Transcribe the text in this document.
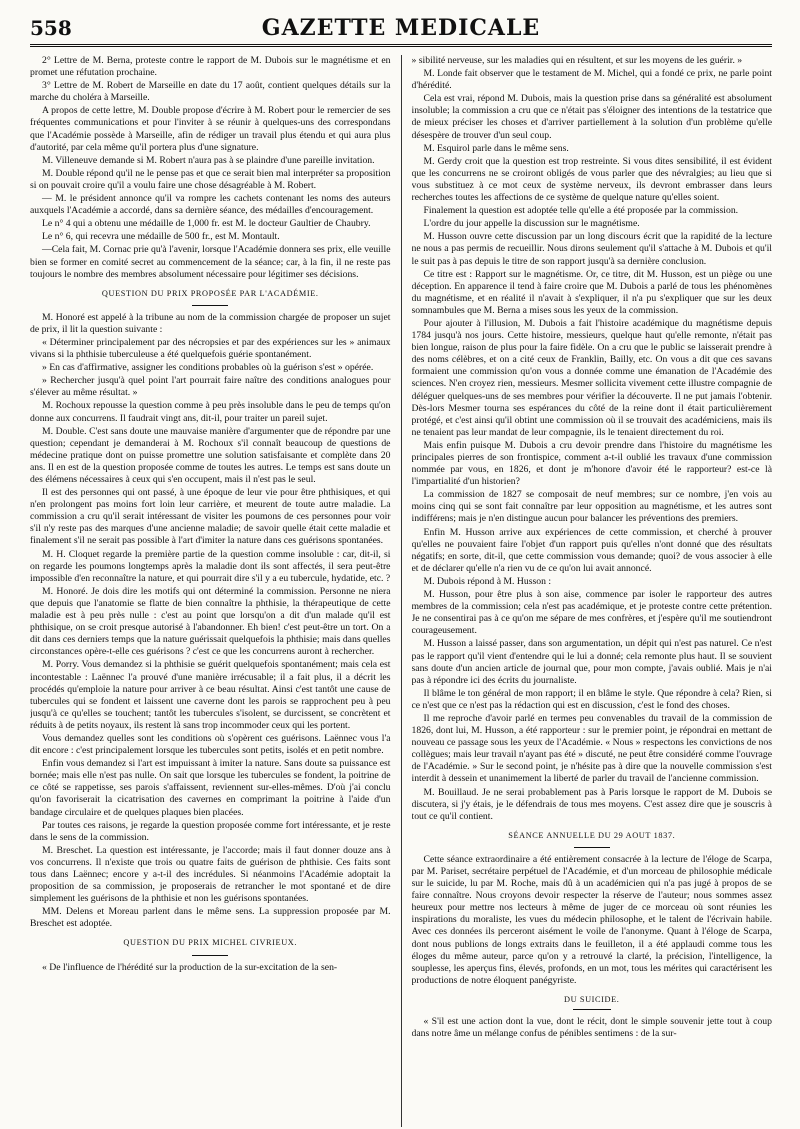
558	GAZETTE MEDICALE

2° Lettre de M. Berna, proteste contre le rapport de M. Dubois sur le magnétisme et en promet une réfutation prochaine.

3° Lettre de M. Robert de Marseille en date du 17 août, contient quelques détails sur la marche du choléra à Marseille.

A propos de cette lettre, M. Double propose d'écrire à M. Robert pour le remercier de ses fréquentes communications et pour l'inviter à se réunir à quelques-uns des correspondans que l'Académie possède à Marseille, afin de rédiger un travail plus étendu et qui aura plus d'autorité, par cela même qu'il portera plus d'une signature.

M. Villeneuve demande si M. Robert n'aura pas à se plaindre d'une pareille invitation.

M. Double répond qu'il ne le pense pas et que ce serait bien mal interpréter sa proposition si on pouvait croire qu'il a voulu faire une chose désagréable à M. Robert.

— M. le président annonce qu'il va rompre les cachets contenant les noms des auteurs auxquels l'Académie a accordé, dans sa dernière séance, des médailles d'encouragement.

Le n° 4 qui a obtenu une médaille de 1,000 fr. est M. le docteur Gaultier de Chaubry.

Le n° 6, qui recevra une médaille de 500 fr., est M. Montault.

—Cela fait, M. Cornac prie qu'à l'avenir, lorsque l'Académie donnera ses prix, elle veuille bien se former en comité secret au commencement de la séance; car, à la fin, il ne reste pas toujours le nombre des membres absolument nécessaire pour légitimer ses décisions.

QUESTION DU PRIX PROPOSÉE PAR L'ACADÉMIE.

M. Honoré est appelé à la tribune au nom de la commission chargée de proposer un sujet de prix, il lit la question suivante :

« Déterminer principalement par des nécropsies et par des expériences sur les » animaux vivans si la phthisie tuberculeuse a été quelquefois guérie spontanément.

» En cas d'affirmative, assigner les conditions probables où la guérison s'est » opérée.

» Rechercher jusqu'à quel point l'art pourrait faire naître des conditions analogues pour s'élever au même résultat. »

M. Rochoux repousse la question comme à peu près insoluble dans le peu de temps qu'on donne aux concurrens. Il faudrait vingt ans, dit-il, pour traiter un pareil sujet.

M. Double. C'est sans doute une mauvaise manière d'argumenter que de répondre par une question; cependant je demanderai à M. Rochoux s'il connaît beaucoup de questions de médecine pratique dont on puisse promettre une solution satisfaisante et complète dans 20 ans. Il en est de la question proposée comme de toutes les autres. Le temps est sans doute un des élémens nécessaires à ceux qui s'en occupent, mais il n'est pas le seul.

Il est des personnes qui ont passé, à une époque de leur vie pour être phthisiques, et qui n'en prolongent pas moins fort loin leur carrière, et meurent de toute autre maladie. La commission a cru qu'il serait intéressant de visiter les poumons de ces personnes pour voir s'il n'y reste pas des marques d'une ancienne maladie; de savoir quelle était cette maladie et finalement s'il ne serait pas possible à l'art d'imiter la nature dans ces guérisons spontanées.

M. H. Cloquet regarde la première partie de la question comme insoluble : car, dit-il, si on regarde les poumons longtemps après la maladie dont ils sont affectés, il sera peut-être impossible d'en reconnaître la nature, et qui pourrait dire s'il y a eu tubercule, hydatide, etc. ?

M. Honoré. Je dois dire les motifs qui ont déterminé la commission. Personne ne niera que depuis que l'anatomie se flatte de bien connaître la phthisie, la thérapeutique de cette maladie est à peu près nulle : c'est au point que lorsqu'on a dit d'un malade qu'il est phthisique, on se croit presque autorisé à l'abandonner. Eh bien! c'est peut-être un tort. On a dit dans ces derniers temps que la nature guérissait quelquefois la phthisie; mais dans quelles circonstances opère-t-elle ces guérisons ? c'est ce que les concurrens auront à rechercher.

M. Porry. Vous demandez si la phthisie se guérit quelquefois spontanément; mais cela est incontestable : Laënnec l'a prouvé d'une manière irrécusable; il a fait plus, il a décrit les procédés qu'emploie la nature pour arriver à ce beau résultat. Ainsi c'est tantôt une cause de tubercules qui se fondent et laissent une caverne dont les parois se rapprochent peu à peu jusqu'à ce qu'elles se touchent; tantôt les tubercules s'isolent, se durcissent, se concrètent et réduits à de petits noyaux, ils restent là sans trop incommoder ceux qui les portent.

Vous demandez quelles sont les conditions où s'opèrent ces guérisons. Laënnec vous l'a dit encore : c'est principalement lorsque les tubercules sont petits, isolés et en petit nombre.

Enfin vous demandez si l'art est impuissant à imiter la nature. Sans doute sa puissance est bornée; mais elle n'est pas nulle. On sait que lorsque les tubercules se fondent, la poitrine de ce côté se rappetisse, ses parois s'affaissent, reviennent sur-elles-mêmes. D'où j'ai conclu qu'on favoriserait la cicatrisation des cavernes en comprimant la poitrine à l'aide d'un bandage circulaire et de quelques plaques bien placées.

Par toutes ces raisons, je regarde la question proposée comme fort intéressante, et je reste dans le sens de la commission.

M. Breschet. La question est intéressante, je l'accorde; mais il faut donner douze ans à vos concurrens. Il n'existe que trois ou quatre faits de guérison de phthisie. Ces faits sont tous dans Laënnec; encore y a-t-il des incrédules. Si néanmoins l'Académie adoptait la proposition de sa commission, je proposerais de retrancher le mot spontané et de dire simplement les guérisons de la phthisie et non les guérisons spontanées.

MM. Delens et Moreau parlent dans le même sens. La suppression proposée par M. Breschet est adoptée.

QUESTION DU PRIX MICHEL CIVRIEUX.

« De l'influence de l'hérédité sur la production de la sur-excitation de la sen-

» sibilité nerveuse, sur les maladies qui en résultent, et sur les moyens de les guérir. »

M. Londe fait observer que le testament de M. Michel, qui a fondé ce prix, ne parle point d'hérédité.

Cela est vrai, répond M. Dubois, mais la question prise dans sa généralité est absolument insoluble; la commission a cru que ce n'était pas s'éloigner des intentions de la testatrice que de mieux préciser les choses et d'arriver partiellement à la solution d'un problème qu'elle désespère de trouver d'un seul coup.

M. Esquirol parle dans le même sens.

M. Gerdy croit que la question est trop restreinte. Si vous dites sensibilité, il est évident que les concurrens ne se croiront obligés de vous parler que des névralgies; au lieu que si vous substituez à ce mot ceux de système nerveux, ils devront embrasser dans leurs recherches toutes les affections de ce système de quelque nature qu'elles soient.

Finalement la question est adoptée telle qu'elle a été proposée par la commission.

L'ordre du jour appelle la discussion sur le magnétisme.

M. Husson ouvre cette discussion par un long discours écrit que la rapidité de la lecture ne nous a pas permis de recueillir. Nous dirons seulement qu'il s'attache à M. Dubois et qu'il le suit pas à pas depuis le titre de son rapport jusqu'à sa dernière conclusion.

Ce titre est : Rapport sur le magnétisme. Or, ce titre, dit M. Husson, est un piège ou une déception. En apparence il tend à faire croire que M. Dubois a parlé de tous les phénomènes du magnétisme, et en réalité il n'avait à s'expliquer, il n'a pu s'expliquer que sur les deux somnambules que M. Berna a mises sous les yeux de la commission.

Pour ajouter à l'illusion, M. Dubois a fait l'histoire académique du magnétisme depuis 1784 jusqu'à nos jours. Cette histoire, messieurs, quelque haut qu'elle remonte, n'était pas bien longue, raison de plus pour la faire fidèle. On a cru que le public se laisserait prendre à des noms célèbres, et on a cité ceux de Franklin, Bailly, etc. On vous a dit que ces savans formaient une commission qu'on vous a donnée comme une émanation de l'Académie des sciences. N'en croyez rien, messieurs. Mesmer sollicita vivement cette illustre compagnie de déléguer quelques-uns de ses membres pour vérifier la découverte. Il ne put jamais l'obtenir. Dès-lors Mesmer tourna ses espérances du côté de la reine dont il était particulièrement protégé, et c'est ainsi qu'il obtint une commission où il se trouvait des académiciens, mais ils ne tenaient pas leur mandat de leur compagnie, ils le tenaient directement du roi.

Mais enfin puisque M. Dubois a cru devoir prendre dans l'histoire du magnétisme les principales pierres de son frontispice, comment a-t-il oublié les travaux d'une commission nommée par vous, en 1826, et dont je m'honore d'avoir été le rapporteur? est-ce là l'impartialité d'un historien?

La commission de 1827 se composait de neuf membres; sur ce nombre, j'en vois au moins cinq qui se sont fait connaître par leur opposition au magnétisme, et les autres sont indifférens; mais je n'en distingue aucun pour balancer les préventions des premiers.

Enfin M. Husson arrive aux expériences de cette commission, et cherché à prouver qu'elles ne pouvaient faire l'objet d'un rapport puis qu'elles n'ont donné que des résultats négatifs; en sorte, dit-il, que cette commission vous demande; quoi? de vous associer à elle et de déclarer qu'elle n'a rien vu de ce qu'on lui avait annoncé.

M. Dubois répond à M. Husson :

M. Husson, pour être plus à son aise, commence par isoler le rapporteur des autres membres de la commission; cela n'est pas académique, et je proteste contre cette prétention. Je ne consentirai pas à ce qu'on me sépare de mes confrères, et j'espère qu'il me soutiendront courageusement.

M. Husson a laissé passer, dans son argumentation, un dépit qui n'est pas naturel. Ce n'est pas le rapport qu'il vient d'entendre qui le lui a donné; cela remonte plus haut. Il se souvient sans doute d'un ancien article de journal que, pour mon compte, j'avais oublié. Mais je n'ai pas à répondre ici des écrits du journaliste.

Il blâme le ton général de mon rapport; il en blâme le style. Que répondre à cela? Rien, si ce n'est que ce n'est pas la rédaction qui est en discussion, c'est le fond des choses.

Il me reproche d'avoir parlé en termes peu convenables du travail de la commission de 1826, dont lui, M. Husson, a été rapporteur : sur le premier point, je répondrai en mettant de nouveau ce passage sous les yeux de l'Académie. « Nous » respectons les convictions de nos collègues; mais leur travail n'ayant pas été » discuté, ne peut être considéré comme l'ouvrage de l'Académie. » Sur le second point, je n'hésite pas à dire que la nouvelle commission s'est interdit à dessein et unanimement la liberté de parler du travail de l'ancienne commission.

M. Bouillaud. Je ne serai probablement pas à Paris lorsque le rapport de M. Dubois se discutera, si j'y étais, je le défendrais de tous mes moyens. C'est assez dire que je souscris à tout ce qu'il contient.

SÉANCE ANNUELLE DU 29 AOUT 1837.

Cette séance extraordinaire a été entièrement consacrée à la lecture de l'éloge de Scarpa, par M. Pariset, secrétaire perpétuel de l'Académie, et d'un morceau de philosophie médicale sur le suicide, lu par M. Roche, mais dû à un académicien qui n'a pas jugé à propos de se faire connaître. Nous croyons devoir respecter la réserve de l'auteur; nous sommes assez heureux pour mettre nos lecteurs à même de juger de ce morceau où sont réunies les inspirations du moraliste, les vues du médecin philosophe, et le talent de l'écrivain habile. Avec ces données ils perceront aisément le voile de l'anonyme. Quant à l'éloge de Scarpa, dont nous publions de longs extraits dans le feuilleton, il a été applaudi comme tous les éloges du même auteur, parce qu'on y a retrouvé la clarté, la précision, l'intelligence, la souplesse, les aperçus fins, élevés, profonds, en un mot, tous les mérites qui caractérisent les productions de notre éloquent panégyriste.

DU SUICIDE.

« S'il est une action dont la vue, dont le récit, dont le simple souvenir jette tout à coup dans notre âme un mélange confus de pénibles sentimens : de la sur-
